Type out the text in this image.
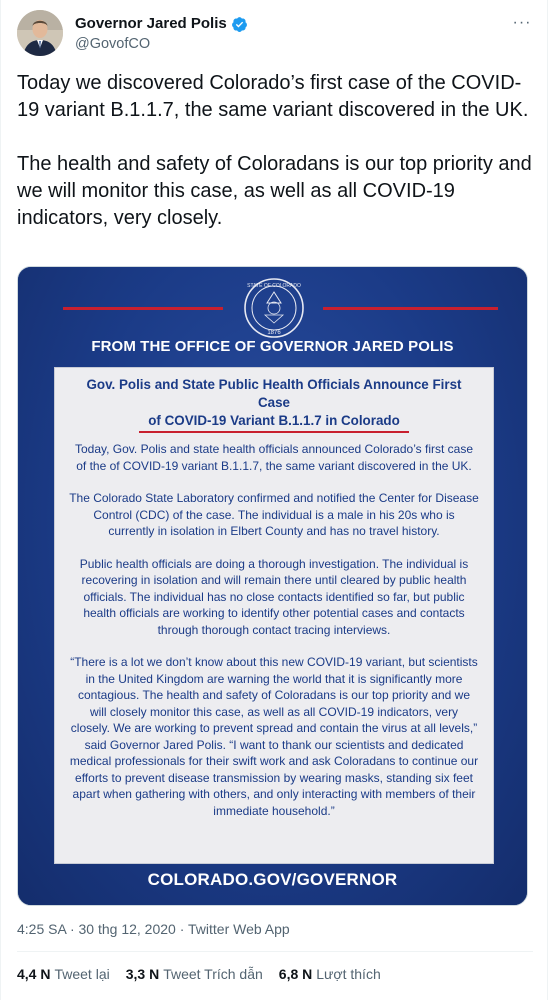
Governor Jared Polis
@GovofCO
···

Today we discovered Colorado’s first case of the COVID-19 variant B.1.1.7, the same variant discovered in the UK.

The health and safety of Coloradans is our top priority and we will monitor this case, as well as all COVID-19 indicators, very closely.

STATE OF COLORADO
1876
FROM THE OFFICE OF GOVERNOR JARED POLIS
Gov. Polis and State Public Health Officials Announce First Case
of COVID-19 Variant B.1.1.7 in Colorado

Today, Gov. Polis and state health officials announced Colorado’s first case of the of COVID-19 variant B.1.1.7, the same variant discovered in the UK.

The Colorado State Laboratory confirmed and notified the Center for Disease Control (CDC) of the case. The individual is a male in his 20s who is currently in isolation in Elbert County and has no travel history.

Public health officials are doing a thorough investigation. The individual is recovering in isolation and will remain there until cleared by public health officials. The individual has no close contacts identified so far, but public health officials are working to identify other potential cases and contacts through thorough contact tracing interviews.

“There is a lot we don’t know about this new COVID-19 variant, but scientists in the United Kingdom are warning the world that it is significantly more contagious. The health and safety of Coloradans is our top priority and we will closely monitor this case, as well as all COVID-19 indicators, very closely. We are working to prevent spread and contain the virus at all levels,” said Governor Jared Polis. “I want to thank our scientists and dedicated medical professionals for their swift work and ask Coloradans to continue our efforts to prevent disease transmission by wearing masks, standing six feet apart when gathering with others, and only interacting with members of their immediate household.”

COLORADO.GOV/GOVERNOR
4:25 SA · 30 thg 12, 2020 · Twitter Web App
4,4 N Tweet lại 3,3 N Tweet Trích dẫn 6,8 N Lượt thích
